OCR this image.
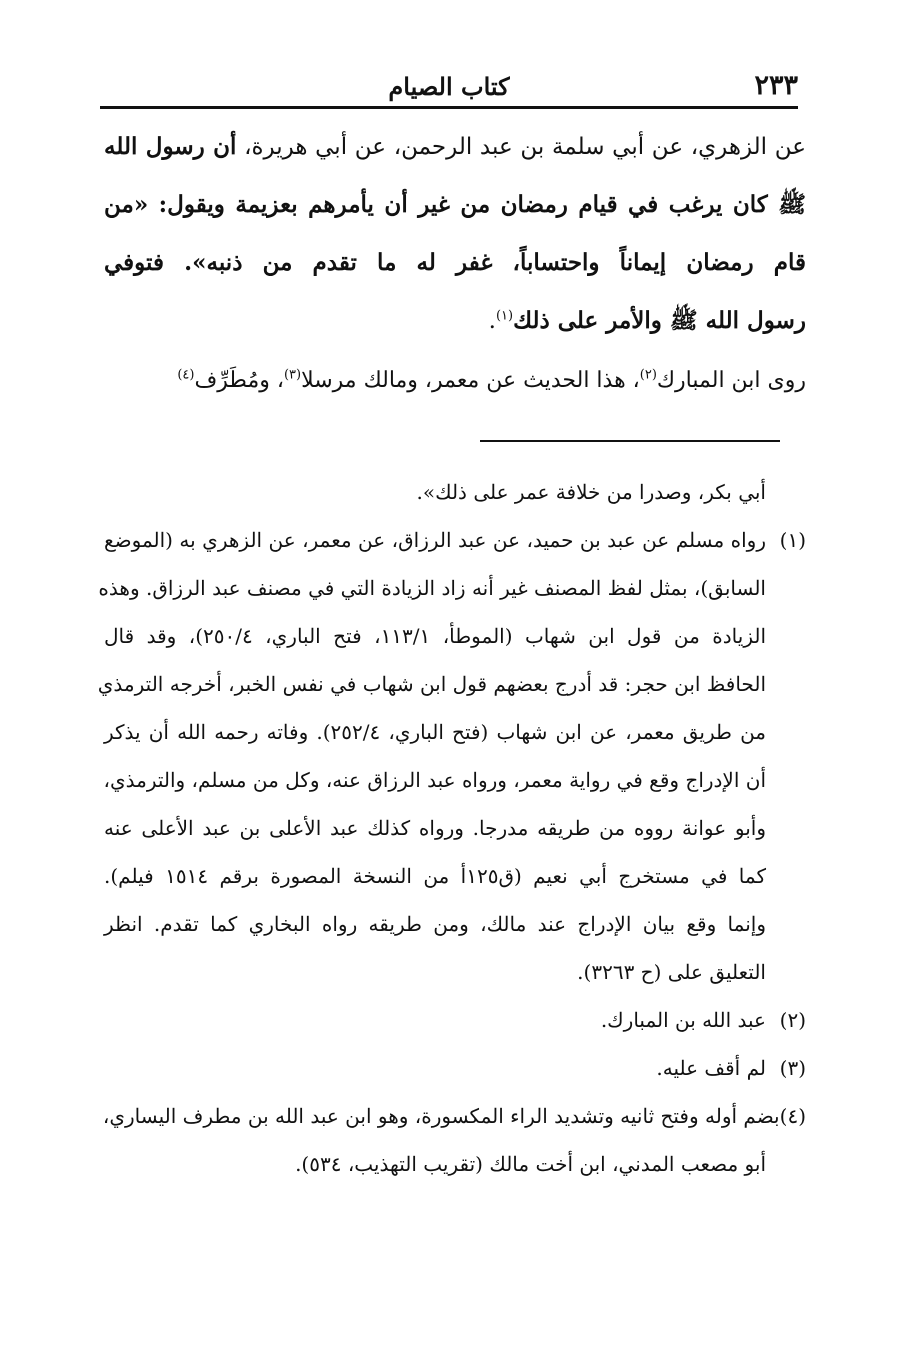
٢٣٣
كتاب الصيام
عن الزهري، عن أبي سلمة بن عبد الرحمن، عن أبي هريرة، أن رسول الله
ﷺ كان يرغب في قيام رمضان من غير أن يأمرهم بعزيمة ويقول: «من
قام رمضان إيماناً واحتساباً، غفر له ما تقدم من ذنبه». فتوفي
رسول الله ﷺ والأمر على ذلك$^{(١)}$.
روى ابن المبارك$^{(٢)}$، هذا الحديث عن معمر، ومالك مرسلا$^{(٣)}$، ومُطَرِّف$^{(٤)}$
أبي بكر، وصدرا من خلافة عمر على ذلك».
(١)
رواه مسلم عن عبد بن حميد، عن عبد الرزاق، عن معمر، عن الزهري به (الموضع
السابق)، بمثل لفظ المصنف غير أنه زاد الزيادة التي في مصنف عبد الرزاق. وهذه
الزيادة من قول ابن شهاب (الموطأ، ١١٣/١، فتح الباري، ٢٥٠/٤)، وقد قال
الحافظ ابن حجر: قد أدرج بعضهم قول ابن شهاب في نفس الخبر، أخرجه الترمذي
من طريق معمر، عن ابن شهاب (فتح الباري، ٢٥٢/٤). وفاته رحمه الله أن يذكر
أن الإدراج وقع في رواية معمر، ورواه عبد الرزاق عنه، وكل من مسلم، والترمذي،
وأبو عوانة رووه من طريقه مدرجا. ورواه كذلك عبد الأعلى بن عبد الأعلى عنه
كما في مستخرج أبي نعيم (ق١٢٥أ من النسخة المصورة برقم ١٥١٤ فيلم).
وإنما وقع بيان الإدراج عند مالك، ومن طريقه رواه البخاري كما تقدم. انظر
التعليق على (ح ٣٢٦٣).
(٢)
عبد الله بن المبارك.
(٣)
لم أقف عليه.
(٤)
بضم أوله وفتح ثانيه وتشديد الراء المكسورة، وهو ابن عبد الله بن مطرف اليساري،
أبو مصعب المدني، ابن أخت مالك (تقريب التهذيب، ٥٣٤).
